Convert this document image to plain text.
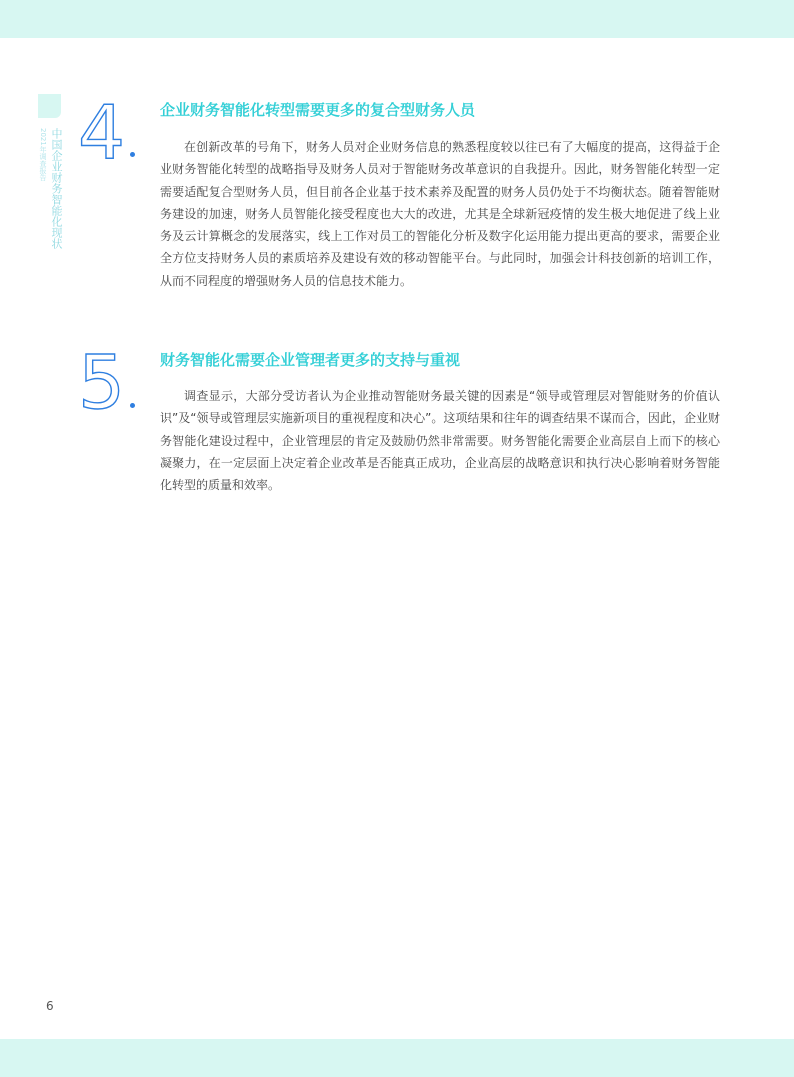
中国企业财务智能化现状
2021年调查报告 4 企业财务智能化转型需要更多的复合型财务人员
在创新改革的号角下，财务人员对企业财务信息的熟悉程度较以往已有了大幅度的提高，这得益于企业财务智能化转型的战略指导及财务人员对于智能财务改革意识的自我提升。因此，财务智能化转型一定需要适配复合型财务人员，但目前各企业基于技术素养及配置的财务人员仍处于不均衡状态。随着智能财务建设的加速，财务人员智能化接受程度也大大的改进，尤其是全球新冠疫情的发生极大地促进了线上业务及云计算概念的发展落实，线上工作对员工的智能化分析及数字化运用能力提出更高的要求，需要企业全方位支持财务人员的素质培养及建设有效的移动智能平台。与此同时，加强会计科技创新的培训工作，从而不同程度的增强财务人员的信息技术能力。
5 财务智能化需要企业管理者更多的支持与重视
调查显示，大部分受访者认为企业推动智能财务最关键的因素是“领导或管理层对智能财务的价值认识”及“领导或管理层实施新项目的重视程度和决心”。这项结果和往年的调查结果不谋而合，因此，企业财务智能化建设过程中，企业管理层的肯定及鼓励仍然非常需要。财务智能化需要企业高层自上而下的核心凝聚力，在一定层面上决定着企业改革是否能真正成功，企业高层的战略意识和执行决心影响着财务智能化转型的质量和效率。
6
